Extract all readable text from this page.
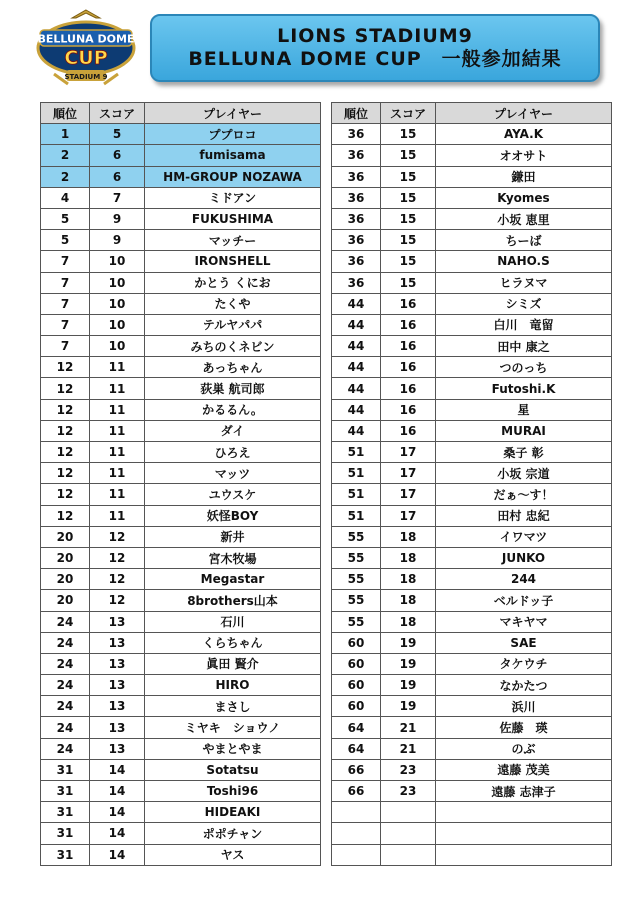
BELLUNA DOME
CUP
STADIUM 9
LIONS STADIUM9
BELLUNA DOME CUP　一般参加結果
順位	スコア	プレイヤー
1	5	ププロコ
2	6	fumisama
2	6	HM-GROUP NOZAWA
4	7	ミドアン
5	9	FUKUSHIMA
5	9	マッチー
7	10	IRONSHELL
7	10	かとう くにお
7	10	たくや
7	10	テルヤパパ
7	10	みちのくネビン
12	11	あっちゃん
12	11	荻巣 航司郎
12	11	かるるん。
12	11	ダイ
12	11	ひろえ
12	11	マッツ
12	11	ユウスケ
12	11	妖怪BOY
20	12	新井
20	12	宮木牧場
20	12	Megastar
20	12	8brothers山本
24	13	石川
24	13	くらちゃん
24	13	眞田 賢介
24	13	HIRO
24	13	まさし
24	13	ミヤキ　ショウノ
24	13	やまとやま
31	14	Sotatsu
31	14	Toshi96
31	14	HIDEAKI
31	14	ポポチャン
31	14	ヤス
順位	スコア	プレイヤー
36	15	AYA.K
36	15	オオサト
36	15	鎌田
36	15	Kyomes
36	15	小坂 恵里
36	15	ちーば
36	15	NAHO.S
36	15	ヒラヌマ
44	16	シミズ
44	16	白川　竜留
44	16	田中 康之
44	16	つのっち
44	16	Futoshi.K
44	16	星
44	16	MURAI
51	17	桑子 彰
51	17	小坂 宗道
51	17	だぁ～す！
51	17	田村 忠紀
55	18	イワマツ
55	18	JUNKO
55	18	244
55	18	ベルドッ子
55	18	マキヤマ
60	19	SAE
60	19	タケウチ
60	19	なかたつ
60	19	浜川
64	21	佐藤　瑛
64	21	のぶ
66	23	遠藤 茂美
66	23	遠藤 志津子
